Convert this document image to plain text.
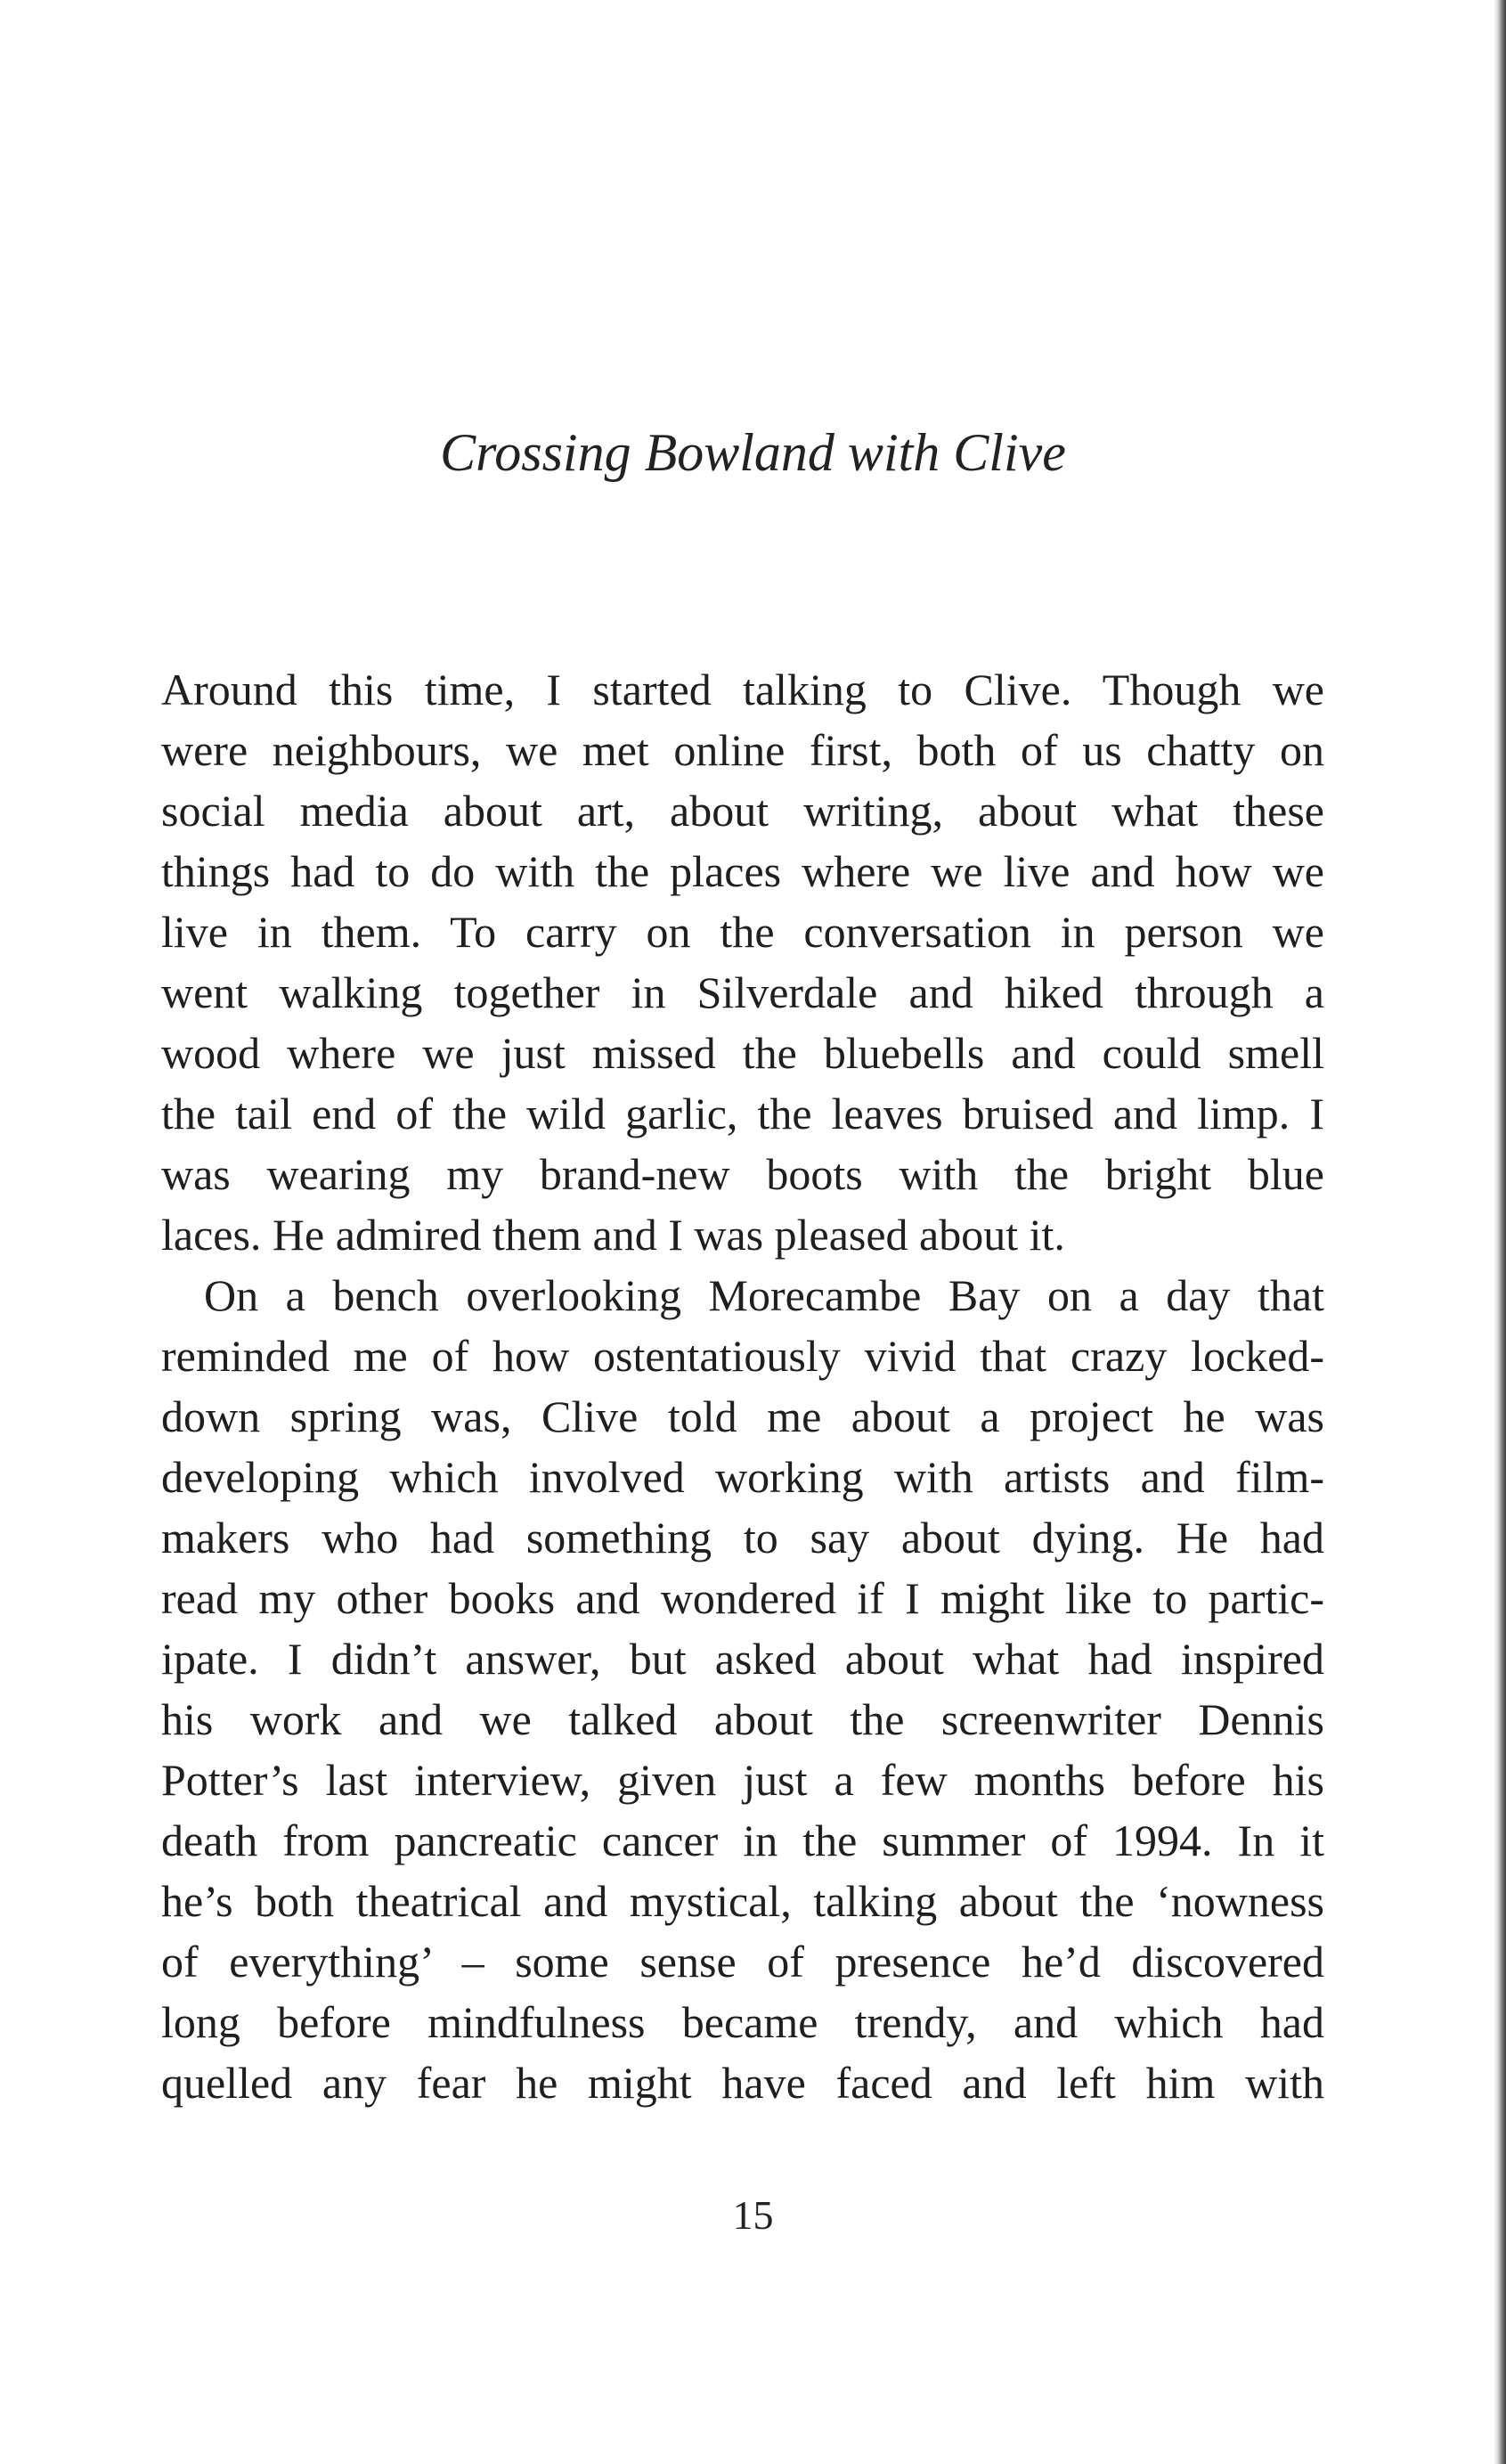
Crossing Bowland with Clive
Around this time, I started talking to Clive. Though we
were neighbours, we met online first, both of us chatty on
social media about art, about writing, about what these
things had to do with the places where we live and how we
live in them. To carry on the conversation in person we
went walking together in Silverdale and hiked through a
wood where we just missed the bluebells and could smell
the tail end of the wild garlic, the leaves bruised and limp. I
was wearing my brand-new boots with the bright blue
laces. He admired them and I was pleased about it.
On a bench overlooking Morecambe Bay on a day that
reminded me of how ostentatiously vivid that crazy locked-
down spring was, Clive told me about a project he was
developing which involved working with artists and film-
makers who had something to say about dying. He had
read my other books and wondered if I might like to partic-
ipate. I didn’t answer, but asked about what had inspired
his work and we talked about the screenwriter Dennis
Potter’s last interview, given just a few months before his
death from pancreatic cancer in the summer of 1994. In it
he’s both theatrical and mystical, talking about the ‘nowness
of everything’ – some sense of presence he’d discovered
long before mindfulness became trendy, and which had
quelled any fear he might have faced and left him with
15
